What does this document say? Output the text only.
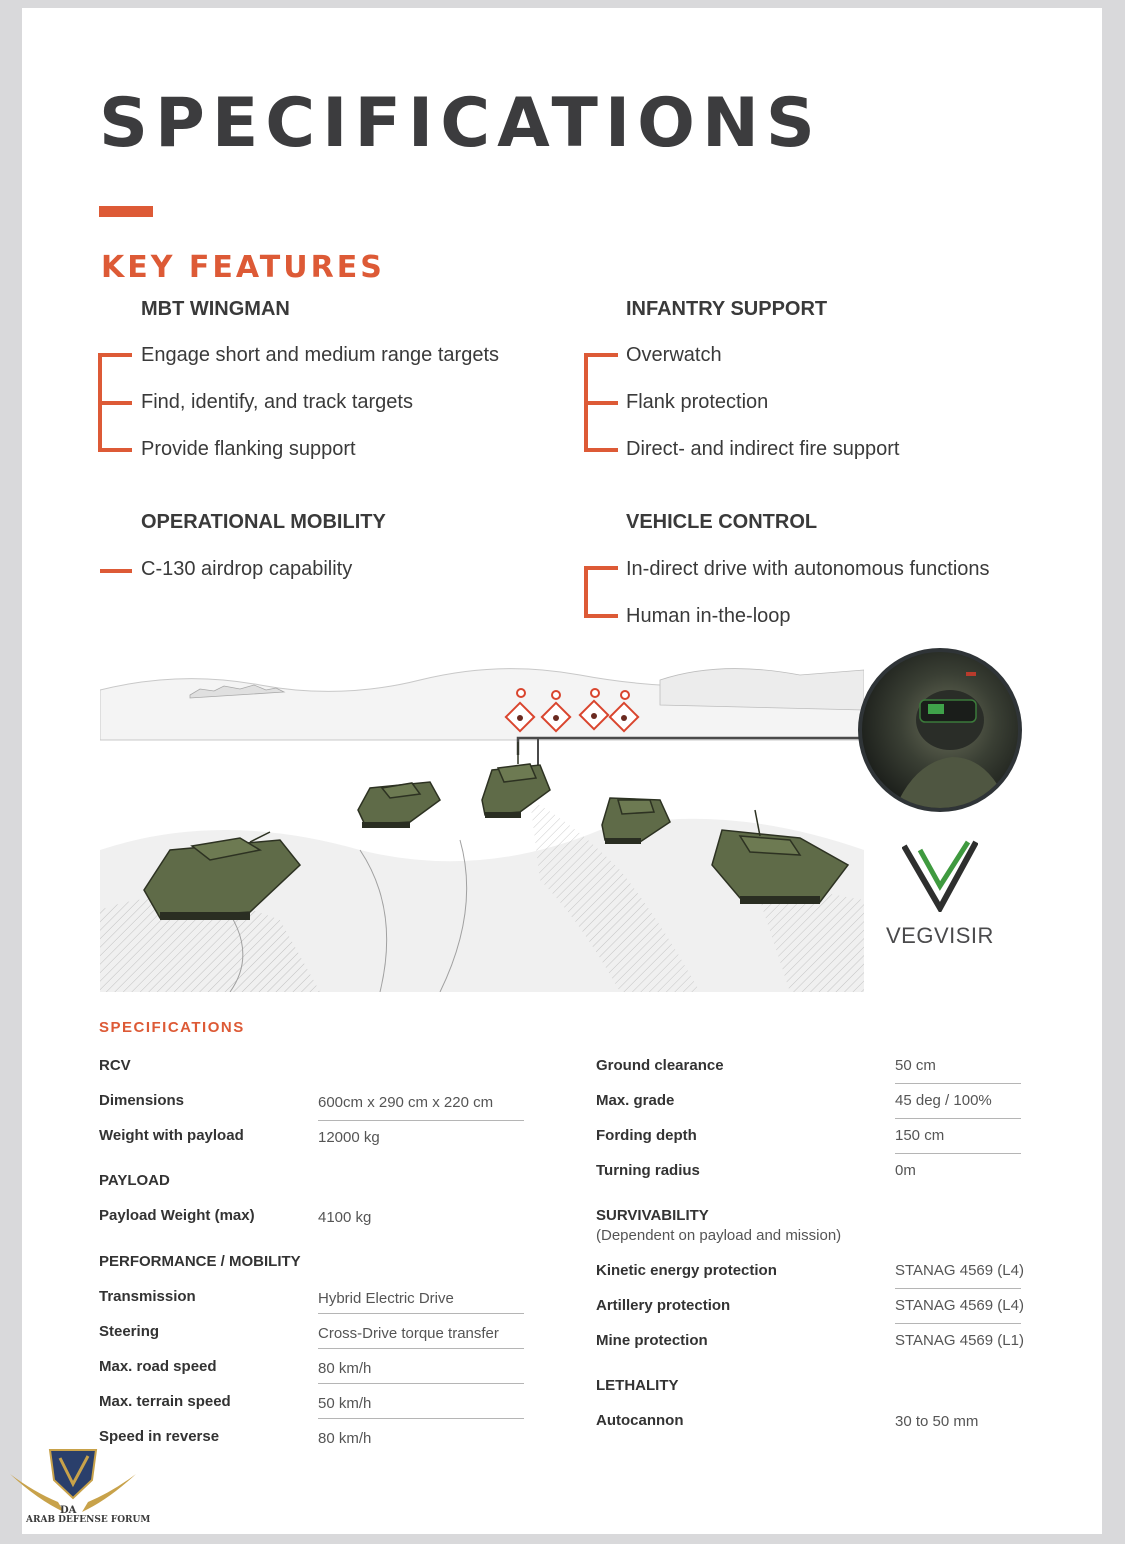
SPECIFICATIONS
KEY FEATURES
MBT WINGMAN
Engage short and medium range targets
Find, identify, and track targets
Provide flanking support
INFANTRY SUPPORT
Overwatch
Flank protection
Direct- and indirect fire support
OPERATIONAL MOBILITY
C-130 airdrop capability
VEHICLE CONTROL
In-direct drive with autonomous functions
Human in-the-loop
VEGVISIR
SPECIFICATIONS
RCV
Dimensions	600cm x 290 cm x 220 cm
Weight with payload	12000 kg
PAYLOAD
Payload Weight (max)	4100 kg
PERFORMANCE / MOBILITY
Transmission	Hybrid Electric Drive
Steering	Cross-Drive torque transfer
Max. road speed	80 km/h
Max. terrain speed	50 km/h
Speed in reverse	80 km/h
Ground clearance	50 cm
Max. grade	45 deg / 100%
Fording depth	150 cm
Turning radius	0m
SURVIVABILITY
(Dependent on payload and mission)
Kinetic energy protection	STANAG 4569 (L4)
Artillery protection	STANAG 4569 (L4)
Mine protection	STANAG 4569 (L1)
LETHALITY
Autocannon	30 to 50 mm
DA
ARAB DEFENSE FORUM
